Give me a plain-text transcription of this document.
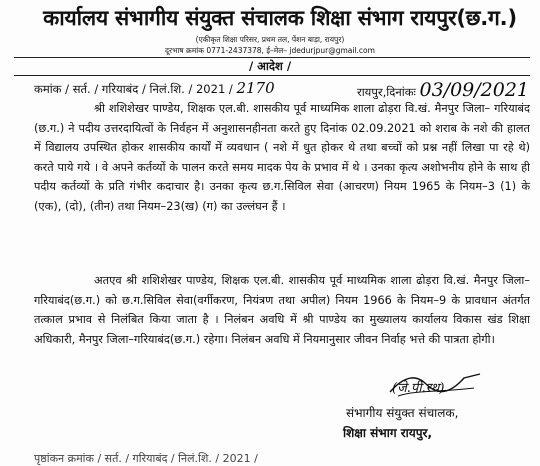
कार्यालय संभागीय संयुक्त संचालक शिक्षा संभाग रायपुर(छ.ग.)
(एकीकृत शिक्षा परिसर, प्रथम तल, पेंशन बाड़ा, रायपुर)
दूरभाष क्रमांक 0771-2437378, ई–मेल– jdedurjpur@gmail.com
/ आदेश /
कमांक / सर्त. / गरियाबंद / निलं.शि. / 2021 / 2170	रायपुर,दिनांकः 03/09/2021

श्री शशिशेखर पाण्डेय, शिक्षक एल.बी. शासकीय पूर्व माध्यमिक शाला ढोड़रा वि.खं. मैनपुर जिला– गरियाबंद (छ.ग.) ने पदीय उत्तरदायित्वों के निर्वहन में अनुशासनहीनता करते हुए दिनांक 02.09.2021 को शराब के नशे की हालत में विद्यालय उपस्थित होकर शासकीय कार्यों में व्यवधान ( नशे में धुत होकर थे तथा बच्चों को प्रश्न नहीं लिखा पा रहे थे) करते पाये गये । वे अपने कर्तव्यों के पालन करते समय मादक पेय के प्रभाव में थे । उनका कृत्य अशोभनीय होने के साथ ही पदीय कर्तव्यों के प्रति गंभीर कदाचार है। उनका कृत्य छ.ग.सिविल सेवा (आचरण) नियम 1965 के नियम–3 (1) के (एक), (दो), (तीन) तथा नियम–23(ख) (ग) का उल्लंघन हैं ।

अतएव श्री शशिशेखर पाण्डेय, शिक्षक एल.बी. शासकीय पूर्व माध्यमिक शाला ढोड़रा वि.खं. मैनपुर जिला– गरियाबंद(छ.ग.) को छ.ग.सिविल सेवा(वर्गीकरण, नियंत्रण तथा अपील) नियम 1966 के नियम–9 के प्रावधान अंतर्गत तत्काल प्रभाव से निलंबित किया जाता है । निलंबन अवधि में श्री पाण्डेय का मुख्यालय कार्यालय विकास खंड शिक्षा अधिकारी, मैनपुर जिला–गरियाबंद(छ.ग.) रहेगा। निलंबन अवधि में नियमानुसार जीवन निर्वाह भत्ते की पात्रता होगी।

(जे.पी.रथ)
संभागीय संयुक्त संचालक,
शिक्षा संभाग रायपुर,
पृष्ठांकन क्रमांक / सर्त. / गरियाबंद / निलं.शि. / 2021 /
